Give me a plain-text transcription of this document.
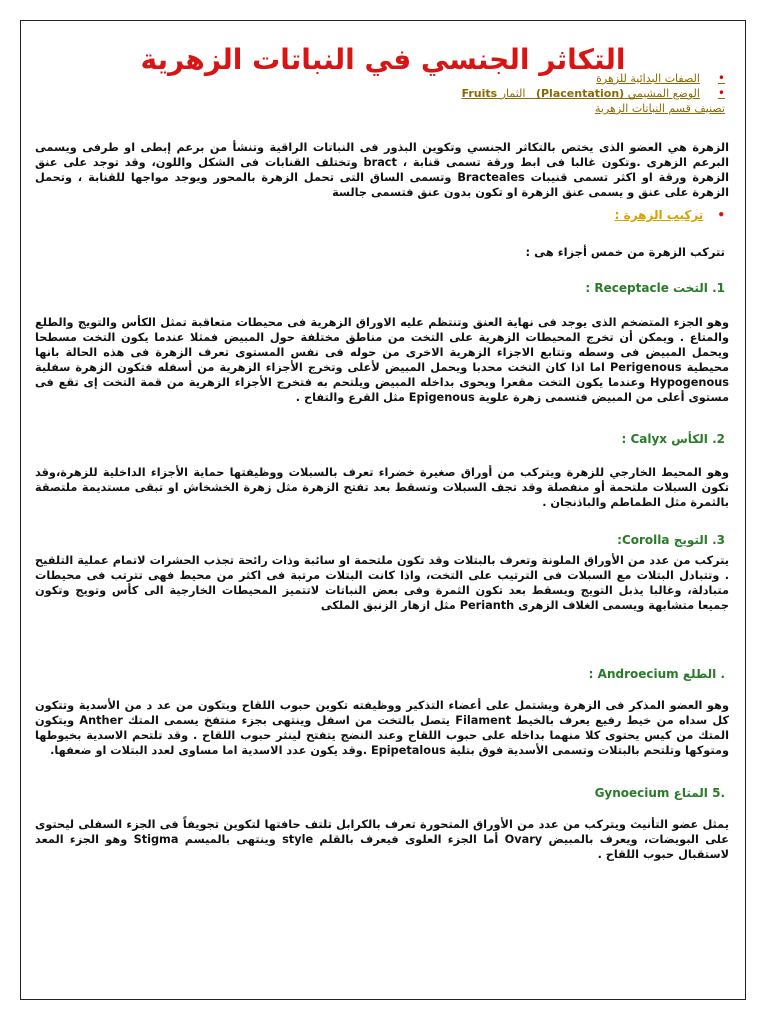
التكاثر الجنسي في النباتات الزهرية
•الصفات البدائية للزهرة
•الوضع المشيمي (Placentation)   الثمار Fruits
تصنيف قسم النباتات الزهرية
الزهرة هي العضو الذى يختص بالتكاثر الجنسي وتكوين البذور فى النباتات الراقية وتنشأ من برعم إبطى او طرفى ويسمى البرعم الزهرى .وتكون غالبا فى ابط ورقة تسمى قنابة ، bract وتختلف القنابات فى الشكل واللون، وقد توجد على عنق الزهرة ورقة او اكثر تسمى قنيبات Bracteales وتسمى الساق التى تحمل الزهرة بالمحور ويوجد مواجها للقنابة ، وتحمل الزهرة على عنق و يسمى عنق الزهرة او تكون بدون عنق فتسمى جالسة
•تركيب الزهرة :
تتركب الزهرة من خمس أجزاء هى :
1. التخت Receptacle :
وهو الجزء المتضخم الذى يوجد فى نهاية العنق وتنتظم عليه الاوراق الزهرية فى محيطات متعاقبة تمثل الكأس والتويج والطلع والمتاع . ويمكن أن تخرج المحيطات الزهرية على التخت من مناطق مختلفة حول المبيض فمثلا عندما يكون التخت مسطحا ويحمل المبيض فى وسطه وتتابع الاجزاء الزهرية الاخرى من حوله فى نفس المستوى تعرف الزهرة فى هذه الحالة بانها محيطية Perigenous اما اذا كان التخت محدبا ويحمل المبيض لأعلى وتخرج الأجزاء الزهرية من أسفله فتكون الزهرة سفلية Hypogenous وعندما يكون التخت مقعرا ويحوى بداخله المبيض ويلتحم به فتخرج الأجزاء الزهرية من قمة التخت إى تقع فى مستوى أعلى من المبيض فتسمى زهرة علوية Epigenous مثل القرع والتفاح .
2. الكأس Calyx :
وهو المحيط الخارجي للزهرة ويتركب من أوراق صغيرة خضراء تعرف بالسبلات ووظيفتها حماية الأجزاء الداخلية للزهرة،وقد تكون السبلات ملتحمة أو منفصلة وقد تجف السبلات وتسقط بعد تفتح الزهرة مثل زهرة الخشخاش او تبقى مستديمة ملتصقة بالثمرة مثل الطماطم والباذنجان .
3. التويج Corolla:
يتركب من عدد من الأوراق الملونة وتعرف بالبتلات وقد تكون ملتحمة او سائبة وذات رائحة تجذب الحشرات لاتمام عملية التلقيح . وتتبادل البتلات مع السبلات فى الترتيب على التخت، واذا كانت البتلات مرتبة فى اكثر من محيط فهى تترتب فى محيطات متبادلة، وغالبا يذبل التويج ويسقط بعد تكون الثمرة وفى بعض النباتات لاتتميز المحيطات الخارجية الى كأس وتويج وتكون جميعا متشابهة ويسمى الغلاف الزهرى Perianth مثل ازهار الزنبق الملكى
. الطلع Androecium :
وهو العضو المذكر فى الزهرة ويشتمل على أعضاء التذكير ووظيفته تكوين حبوب اللقاح ويتكون من عد د من الأسدية وتتكون كل سداه من خيط رفيع يعرف بالخيط Filament يتصل بالتخت من اسفل وينتهى بجزء منتفخ يسمى المتك Anther ويتكون المتك من كيس يحتوى كلا منهما بداخله على حبوب اللقاح وعند النضج يتفتح لينثر حبوب اللقاح . وقد تلتحم الاسدية بخيوطها ومتوكها وتلتحم بالبتلات وتسمى الأسدية فوق بتلية Epipetalous .وقد يكون عدد الاسدية اما مساوى لعدد البتلات او ضعفها.
.5 المتاع Gynoecium
يمثل عضو التأنيث ويتركب من عدد من الأوراق المتحورة تعرف بالكرابل تلتف حافتها لتكوين تجويفاً فى الجزء السفلى ليحتوى على البويضات، ويعرف بالمبيض Ovary أما الجزء العلوى فيعرف بالقلم style وينتهى بالميسم Stigma وهو الجزء المعد لاستقبال حبوب اللقاح .
